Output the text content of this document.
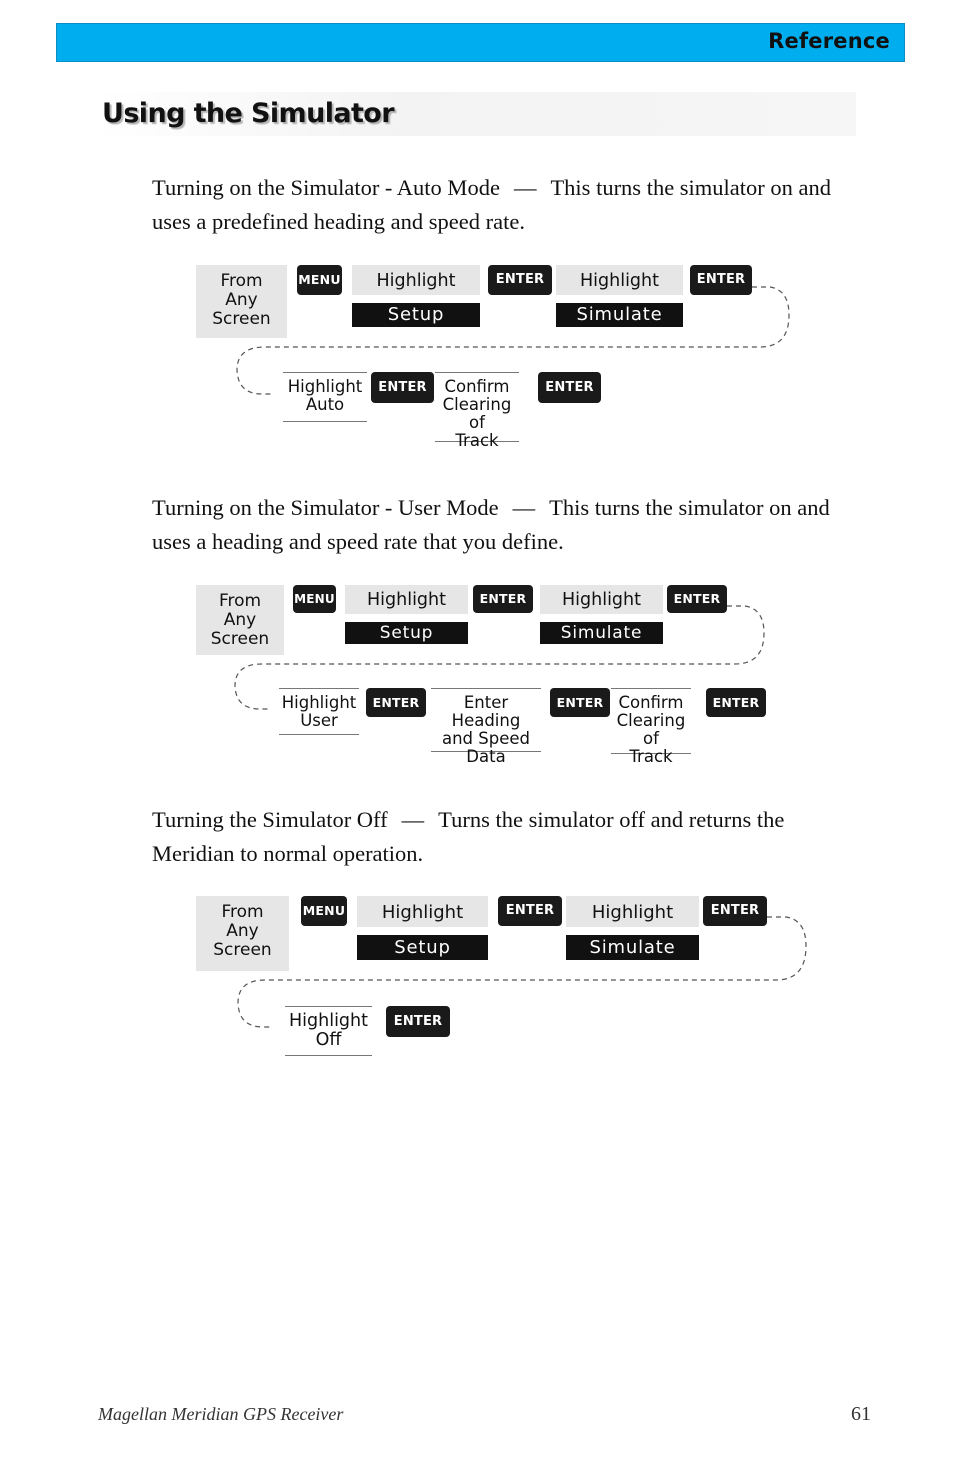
Reference
Using the Simulator

Turning on the Simulator - Auto Mode — This turns the simulator on and uses a predefined heading and speed rate.

Turning on the Simulator - User Mode — This turns the simulator on and uses a heading and speed rate that you define.

Turning the Simulator Off — Turns the simulator off and returns the Meridian to normal operation.

From
Any
Screen
MENU	Highlight
Setup
ENTER	Highlight
Simulate
ENTER
Highlight
Auto
ENTER	Confirm
Clearing of
Track
ENTER
From
Any
Screen
MENU	Highlight
Setup
ENTER	Highlight
Simulate
ENTER
Highlight
User
ENTER	Enter Heading
and Speed
Data
ENTER Confirm
Clearing of
Track
ENTER
From
Any
Screen
MENU	Highlight
Setup
ENTER	Highlight
Simulate
ENTER
Highlight
Off
ENTER
Magellan Meridian GPS Receiver	61
